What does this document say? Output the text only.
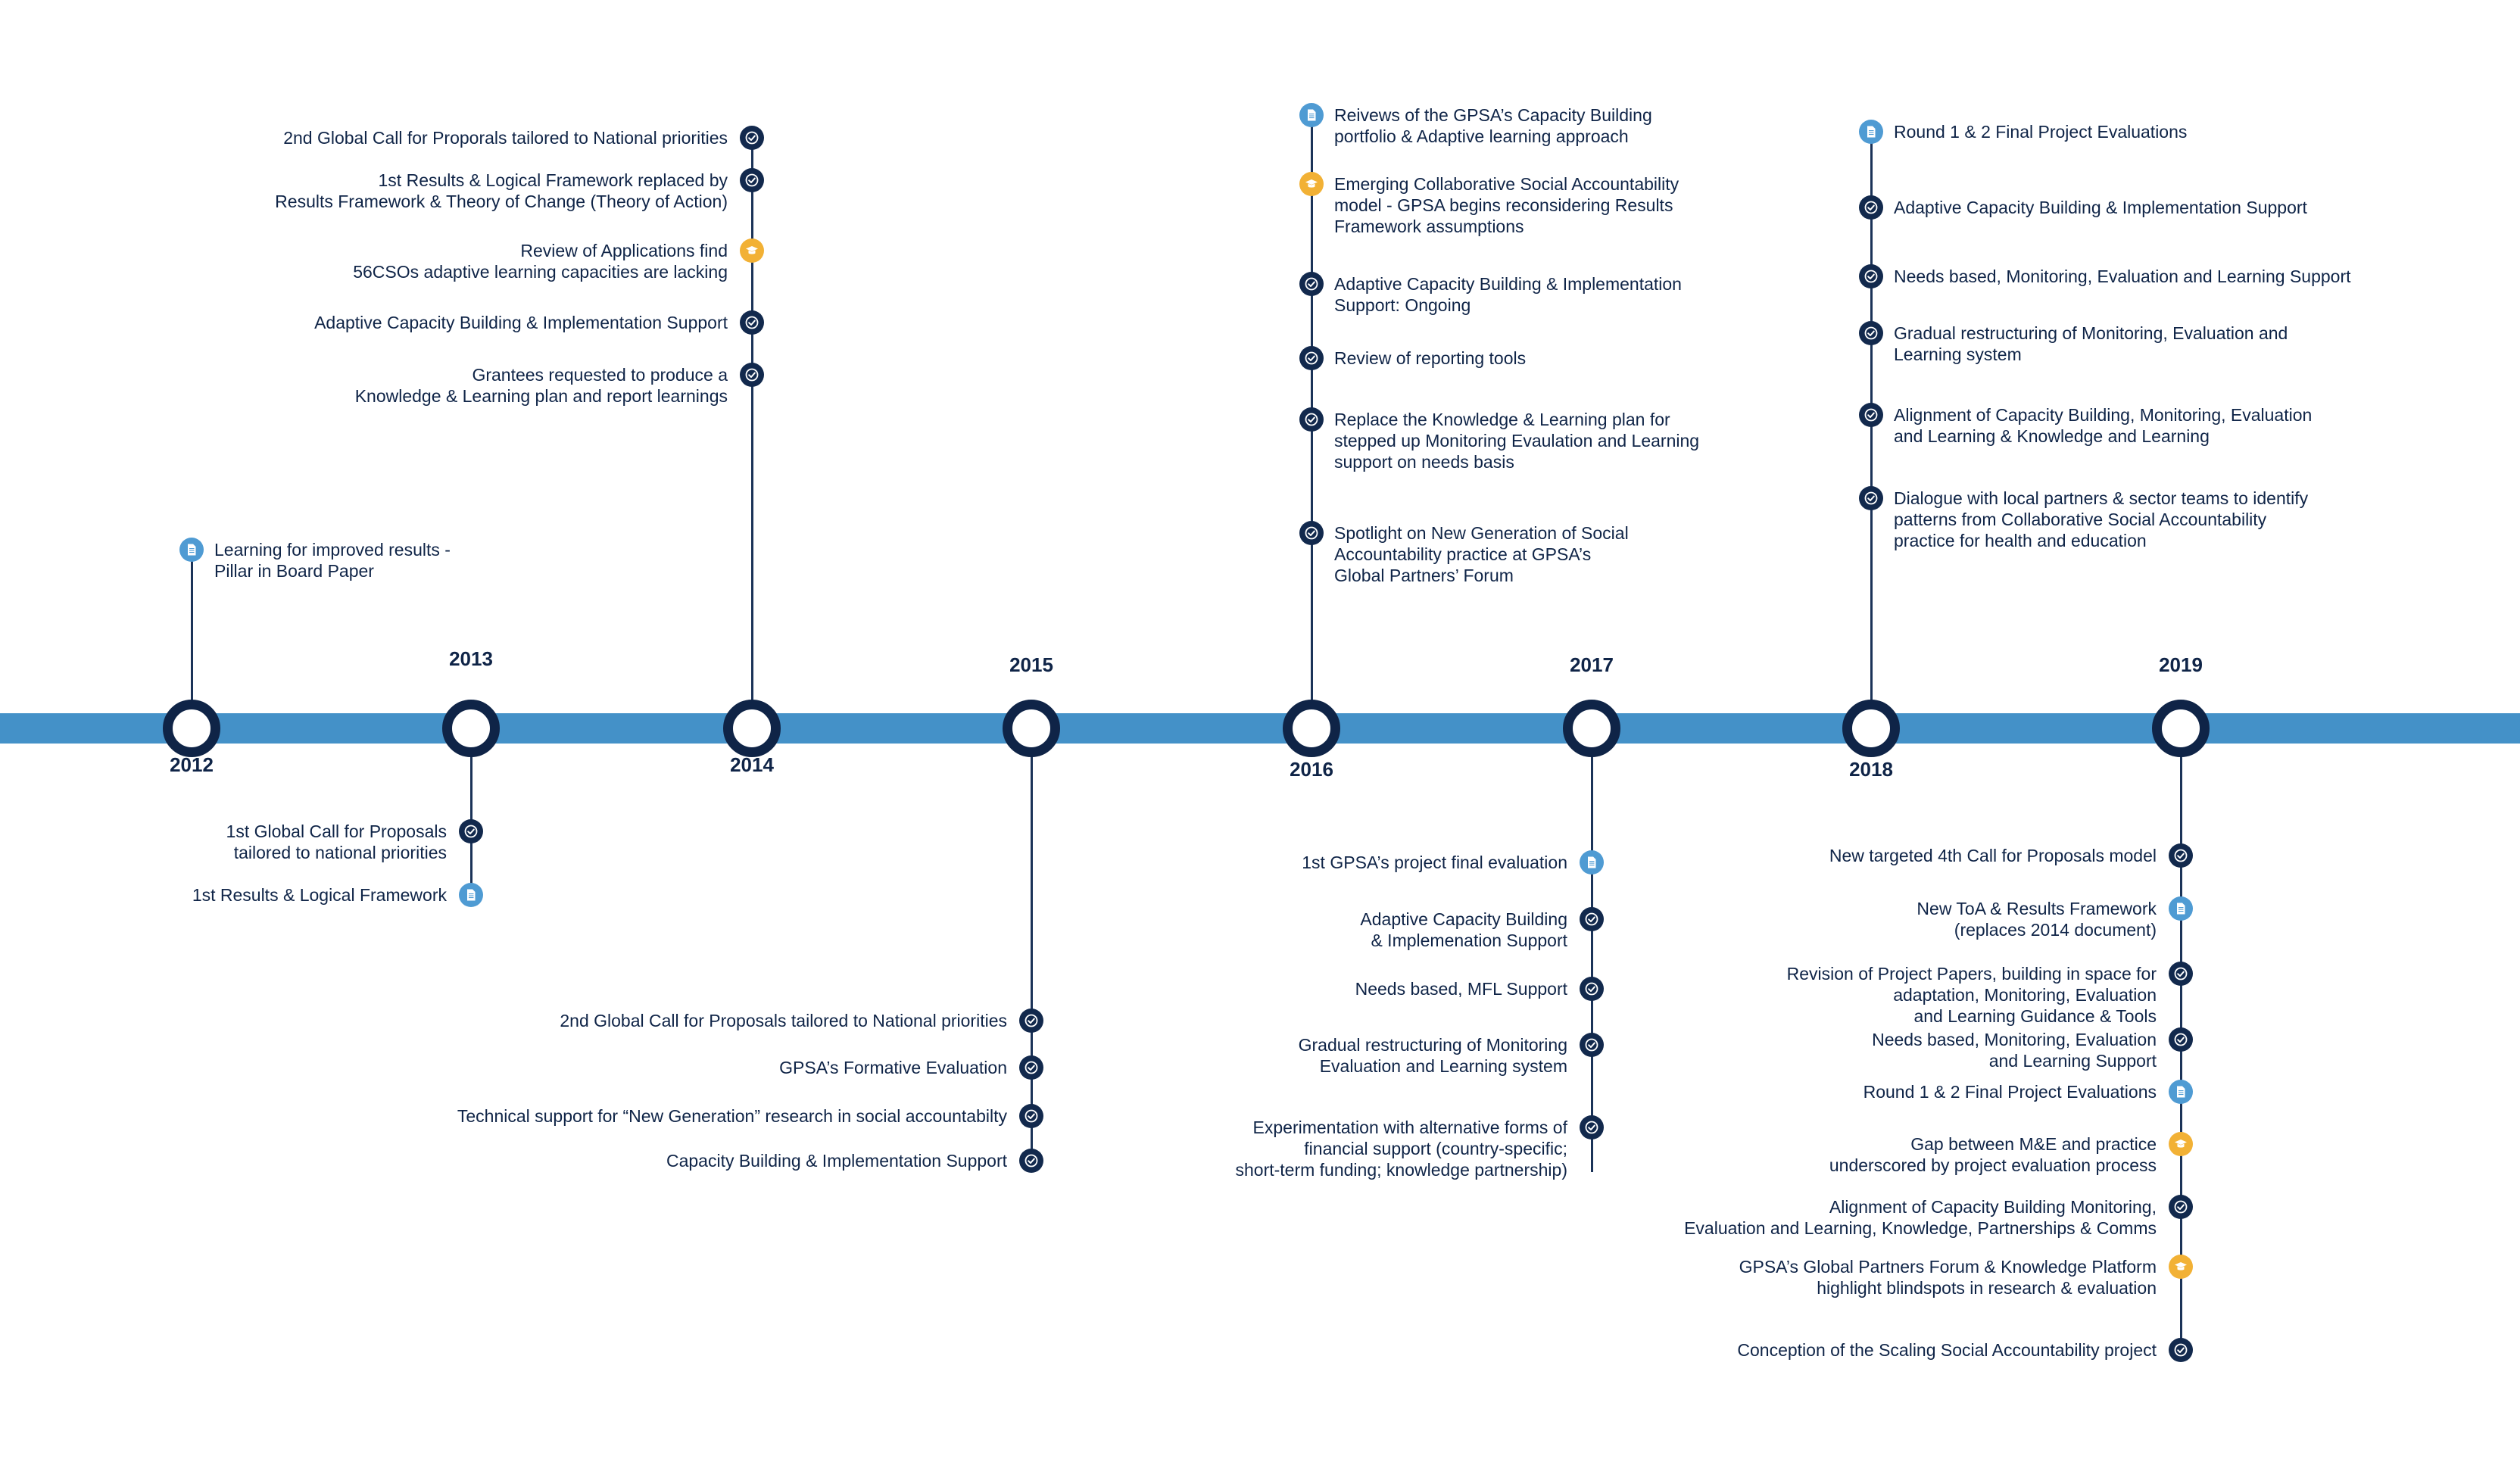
2012
Learning for improved results -
Pillar in Board Paper
2013
1st Global Call for Proposals
tailored to national priorities
1st Results & Logical Framework
2014
2nd Global Call for Proporals tailored to National priorities
1st Results & Logical Framework replaced by
Results Framework & Theory of Change (Theory of Action)
Review of Applications find
56CSOs adaptive learning capacities are lacking
Adaptive Capacity Building & Implementation Support
Grantees requested to produce a
Knowledge & Learning plan and report learnings
2015
2nd Global Call for Proposals tailored to National priorities
GPSA’s Formative Evaluation
Technical support for “New Generation” research in social accountabilty
Capacity Building & Implementation Support
2016
Reivews of the GPSA’s Capacity Building
portfolio & Adaptive learning approach
Emerging Collaborative Social Accountability
model - GPSA begins reconsidering Results
Framework assumptions
Adaptive Capacity Building & Implementation
Support: Ongoing
Review of reporting tools
Replace the Knowledge & Learning plan for
stepped up Monitoring Evaulation and Learning
support on needs basis
Spotlight on New Generation of Social
Accountability practice at GPSA’s
Global Partners’ Forum
2017
1st GPSA’s project final evaluation
Adaptive Capacity Building
& Implemenation Support
Needs based, MFL Support
Gradual restructuring of Monitoring
Evaluation and Learning system
Experimentation with alternative forms of
financial support (country-specific;
short-term funding; knowledge partnership)
2018
Round 1 & 2 Final Project Evaluations
Adaptive Capacity Building & Implementation Support
Needs based, Monitoring, Evaluation and Learning Support
Gradual restructuring of Monitoring, Evaluation and
Learning system
Alignment of Capacity Building, Monitoring, Evaluation
and Learning & Knowledge and Learning
Dialogue with local partners & sector teams to identify
patterns from Collaborative Social Accountability
practice for health and education
2019
New targeted 4th Call for Proposals model
New ToA & Results Framework
(replaces 2014 document)
Revision of Project Papers, building in space for
adaptation, Monitoring, Evaluation
and Learning Guidance & Tools
Needs based, Monitoring, Evaluation
and Learning Support
Round 1 & 2 Final Project Evaluations
Gap between M&E and practice
underscored by project evaluation process
Alignment of Capacity Building Monitoring,
Evaluation and Learning, Knowledge, Partnerships & Comms
GPSA’s Global Partners Forum & Knowledge Platform
highlight blindspots in research & evaluation
Conception of the Scaling Social Accountability project
